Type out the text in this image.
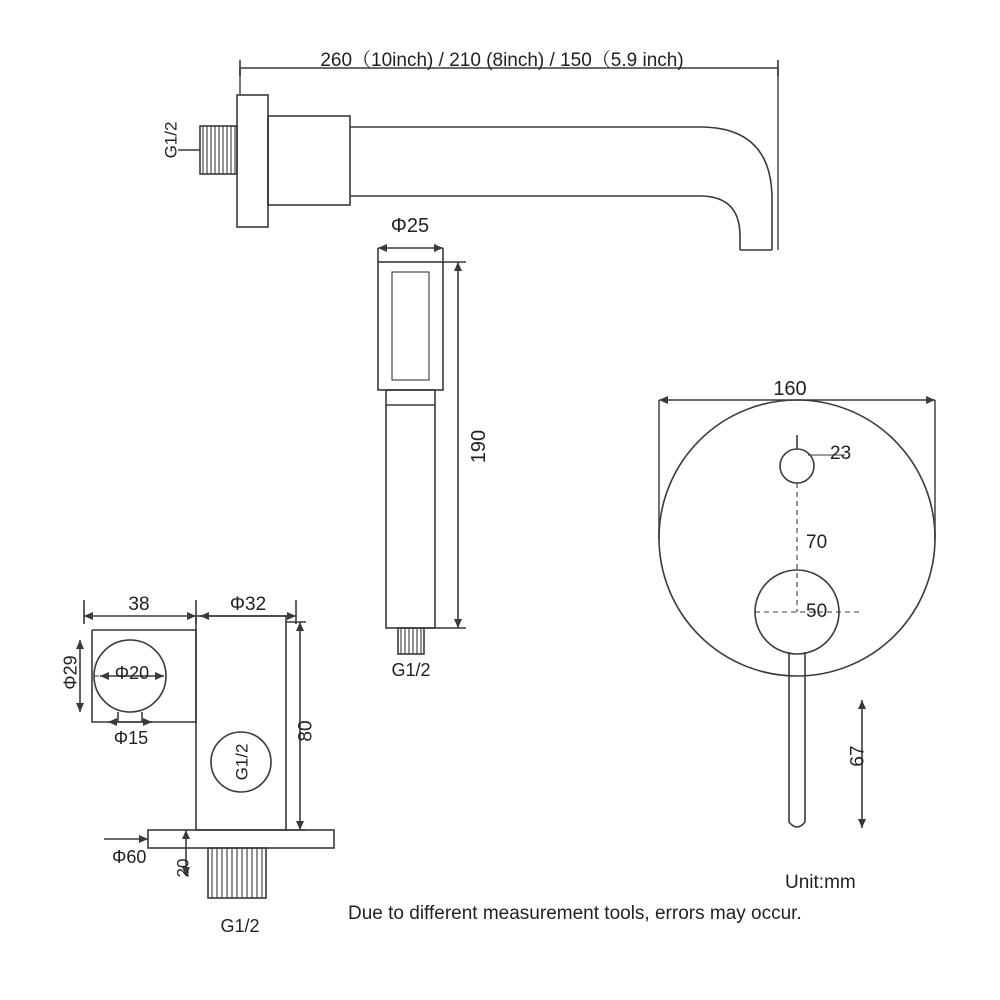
260（10inch) / 210 (8inch) / 150（5.9 inch)
G1/2
Φ25
190
G1/2
160
23
70
50
67
38	Φ32
Φ29 Φ20
Φ15	80
Φ60
20
G1/2
G1/2
Unit:mm
Due to different measurement tools, errors may occur.
